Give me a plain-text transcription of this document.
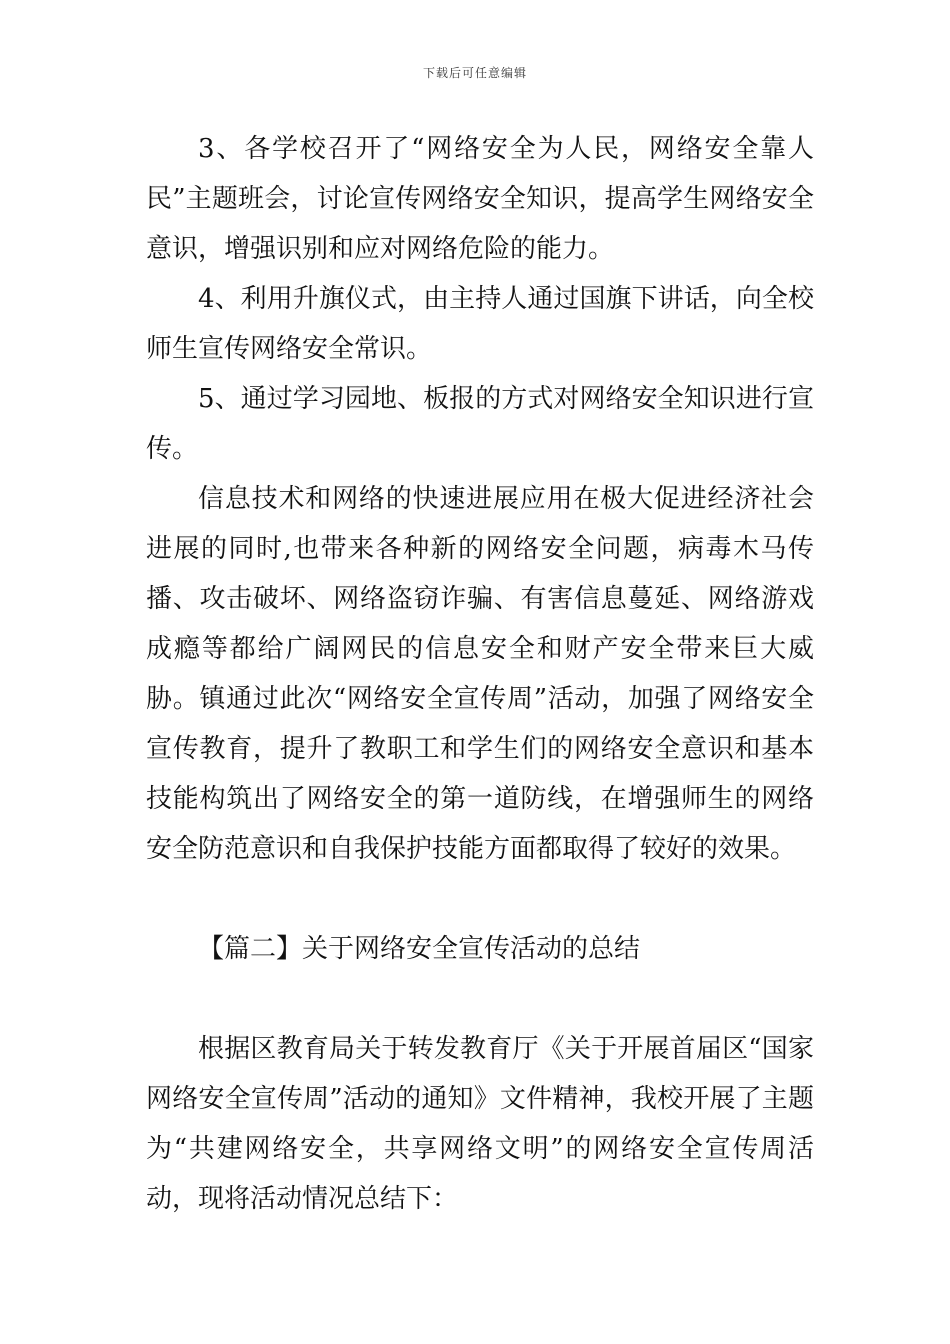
下载后可任意编辑

3、各学校召开了“网络安全为人民，网络安全靠人民”主题班会，讨论宣传网络安全知识，提高学生网络安全意识，增强识别和应对网络危险的能力。

4、利用升旗仪式，由主持人通过国旗下讲话，向全校师生宣传网络安全常识。

5、通过学习园地、板报的方式对网络安全知识进行宣传。

信息技术和网络的快速进展应用在极大促进经济社会进展的同时,也带来各种新的网络安全问题，病毒木马传播、攻击破坏、网络盗窃诈骗、有害信息蔓延、网络游戏成瘾等都给广阔网民的信息安全和财产安全带来巨大威胁。镇通过此次“网络安全宣传周”活动，加强了网络安全宣传教育，提升了教职工和学生们的网络安全意识和基本技能构筑出了网络安全的第一道防线，在增强师生的网络安全防范意识和自我保护技能方面都取得了较好的效果。

【篇二】关于网络安全宣传活动的总结

根据区教育局关于转发教育厅《关于开展首届区“国家网络安全宣传周”活动的通知》文件精神，我校开展了主题为“共建网络安全，共享网络文明”的网络安全宣传周活动，现将活动情况总结下：
